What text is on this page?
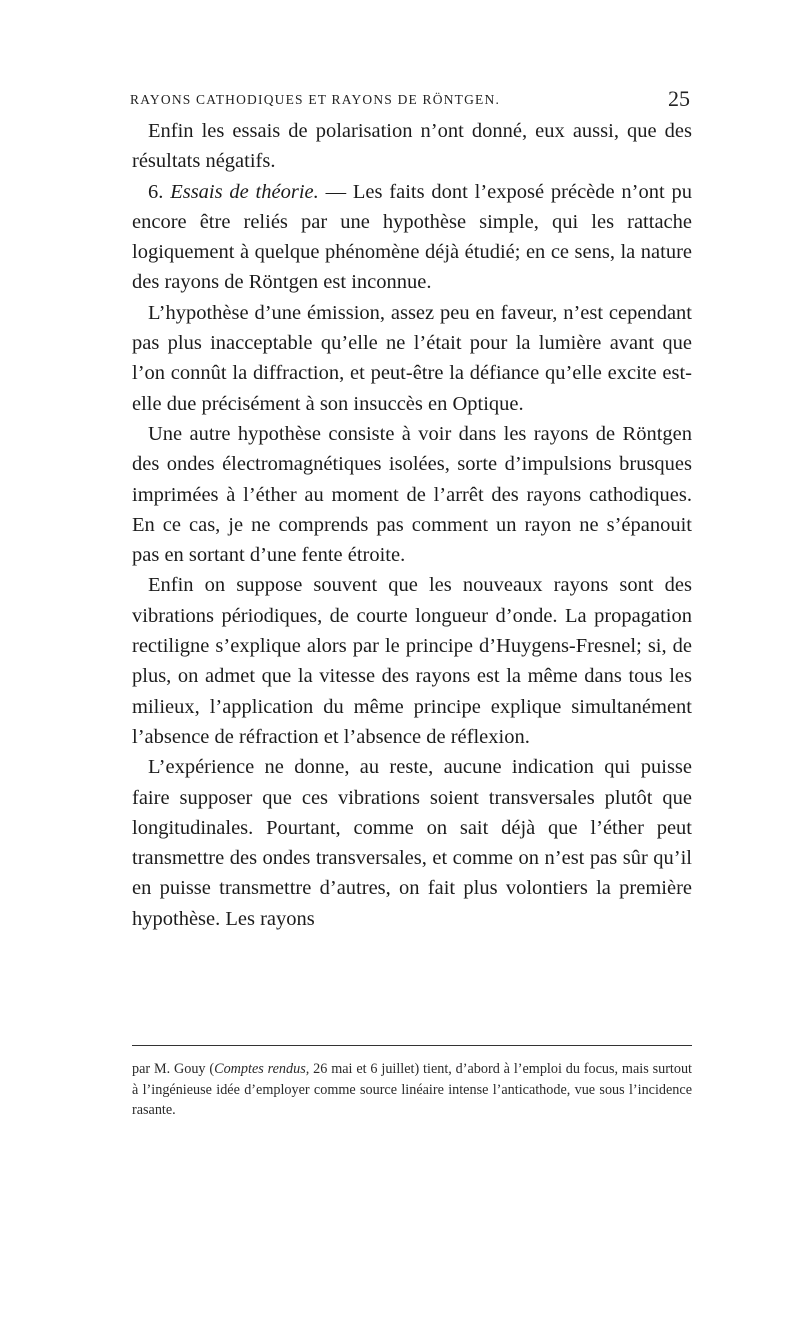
RAYONS CATHODIQUES ET RAYONS DE RÖNTGEN.	25

Enfin les essais de polarisation n’ont donné, eux aussi, que des résultats négatifs.

6. Essais de théorie. — Les faits dont l’exposé précède n’ont pu encore être reliés par une hypothèse simple, qui les rattache logiquement à quelque phénomène déjà étudié; en ce sens, la nature des rayons de Röntgen est inconnue.

L’hypothèse d’une émission, assez peu en faveur, n’est cependant pas plus inacceptable qu’elle ne l’était pour la lumière avant que l’on connût la diffraction, et peut-être la défiance qu’elle excite est-elle due précisément à son insuccès en Optique.

Une autre hypothèse consiste à voir dans les rayons de Röntgen des ondes électromagnétiques isolées, sorte d’impulsions brusques imprimées à l’éther au moment de l’arrêt des rayons cathodiques. En ce cas, je ne comprends pas comment un rayon ne s’épanouit pas en sortant d’une fente étroite.

Enfin on suppose souvent que les nouveaux rayons sont des vibrations périodiques, de courte longueur d’onde. La propagation rectiligne s’explique alors par le principe d’Huygens-Fresnel; si, de plus, on admet que la vitesse des rayons est la même dans tous les milieux, l’application du même principe explique simultanément l’absence de réfraction et l’absence de réflexion.

L’expérience ne donne, au reste, aucune indication qui puisse faire supposer que ces vibrations soient transversales plutôt que longitudinales. Pourtant, comme on sait déjà que l’éther peut transmettre des ondes transversales, et comme on n’est pas sûr qu’il en puisse transmettre d’autres, on fait plus volontiers la première hypothèse. Les rayons

par M. Gouy (Comptes rendus, 26 mai et 6 juillet) tient, d’abord à l’emploi du focus, mais surtout à l’ingénieuse idée d’employer comme source linéaire intense l’anticathode, vue sous l’incidence rasante.
